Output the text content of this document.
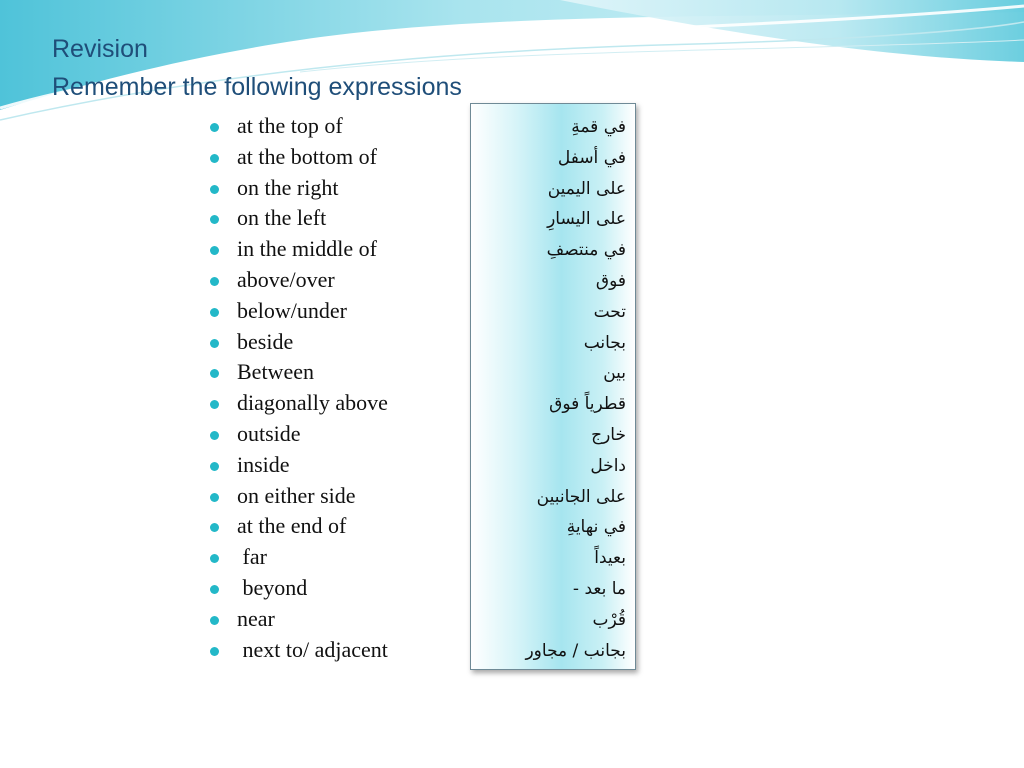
Revision
Remember the following expressions
at the top of
at the bottom of
on the right
on the left
in the middle of
above/over
below/under
beside
Between
diagonally above
outside
inside
on either side
at the end of
far
beyond
near
next to/ adjacent
في قمةِ
في أسفل
على اليمين
على اليسارِ
في منتصفِ
فوق
تحت
بجانب
بين
قطرياً فوق
خارج
داخل
على الجانبين
في نهايةِ
بعيداً
ما بعد -
قُرْب
بجانب / مجاور
